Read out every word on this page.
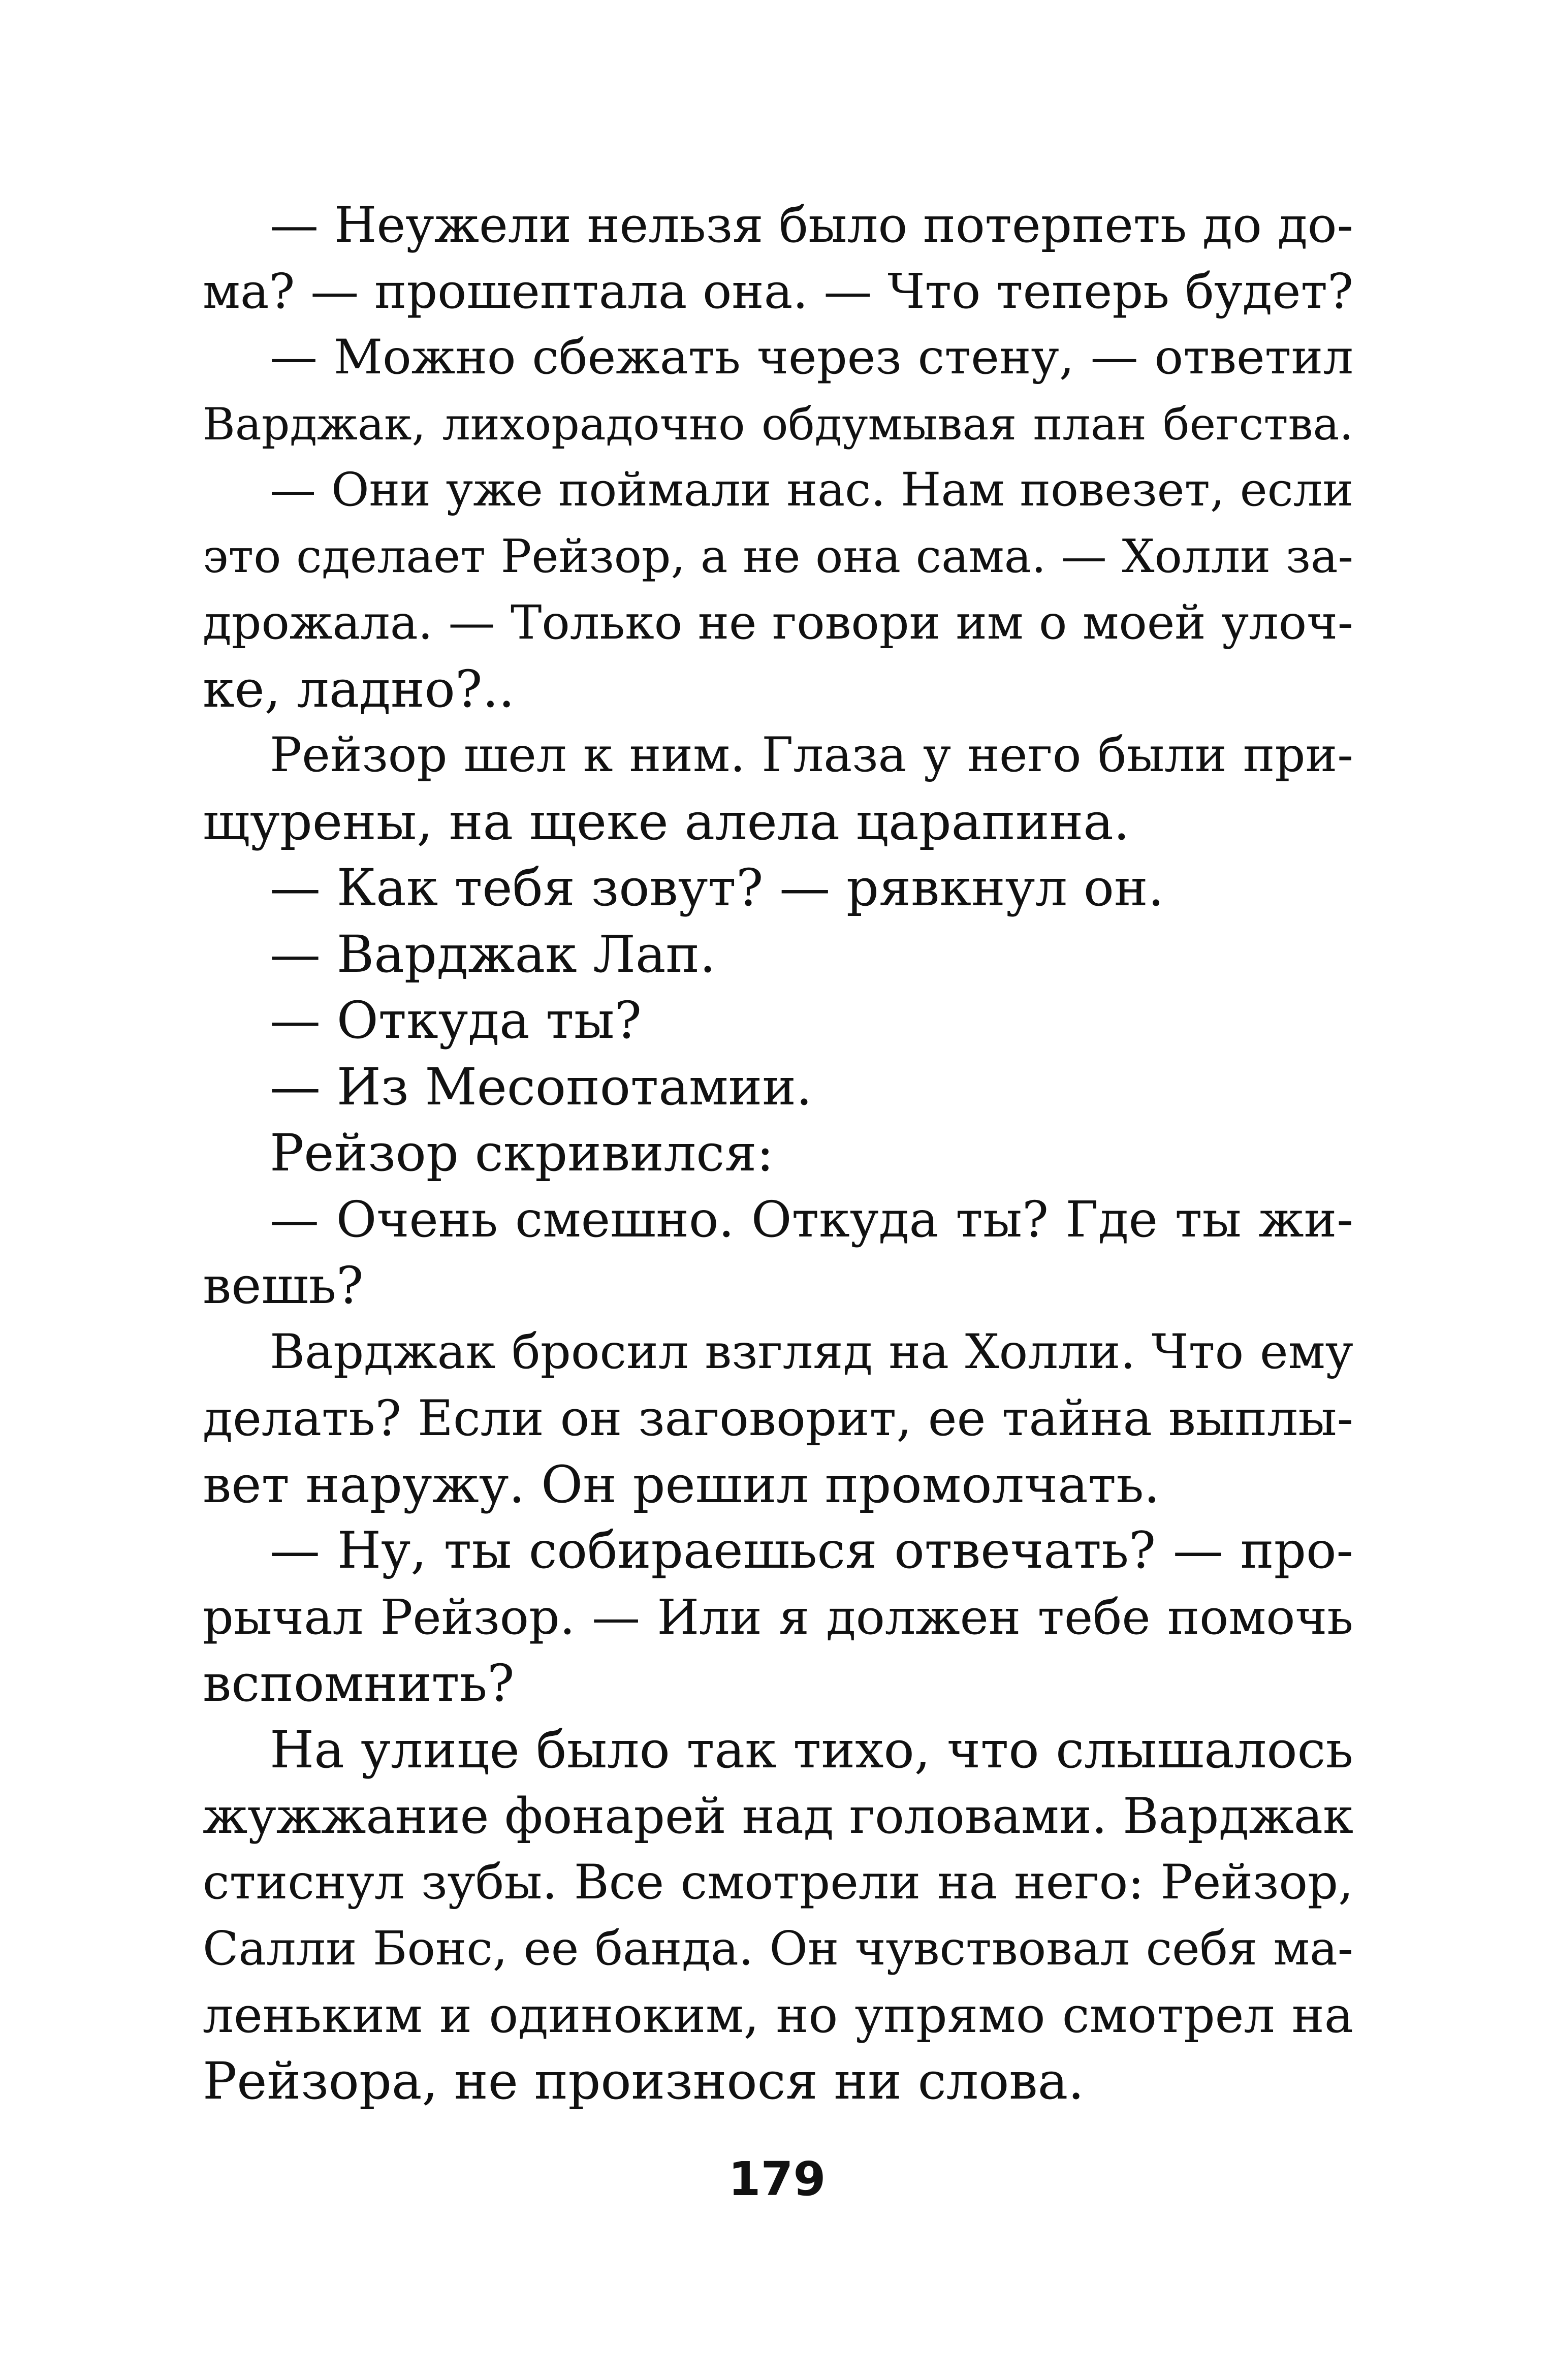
— Неужели нельзя было потерпеть до до-
ма? — прошептала она. — Что теперь будет?
— Можно сбежать через стену, — ответил
Варджак, лихорадочно обдумывая план бегства.
— Они уже поймали нас. Нам повезет, если
это сделает Рейзор, а не она сама. — Холли за-
дрожала. — Только не говори им о моей улоч-
ке, ладно?..
Рейзор шел к ним. Глаза у него были при-
щурены, на щеке алела царапина.
— Как тебя зовут? — рявкнул он.
— Варджак Лап.
— Откуда ты?
— Из Месопотамии.
Рейзор скривился:
— Очень смешно. Откуда ты? Где ты жи-
вешь?
Варджак бросил взгляд на Холли. Что ему
делать? Если он заговорит, ее тайна выплы-
вет наружу. Он решил промолчать.
— Ну, ты собираешься отвечать? — про-
рычал Рейзор. — Или я должен тебе помочь
вспомнить?
На улице было так тихо, что слышалось
жужжание фонарей над головами. Варджак
стиснул зубы. Все смотрели на него: Рейзор,
Салли Бонс, ее банда. Он чувствовал себя ма-
леньким и одиноким, но упрямо смотрел на
Рейзора, не произнося ни слова.
179
